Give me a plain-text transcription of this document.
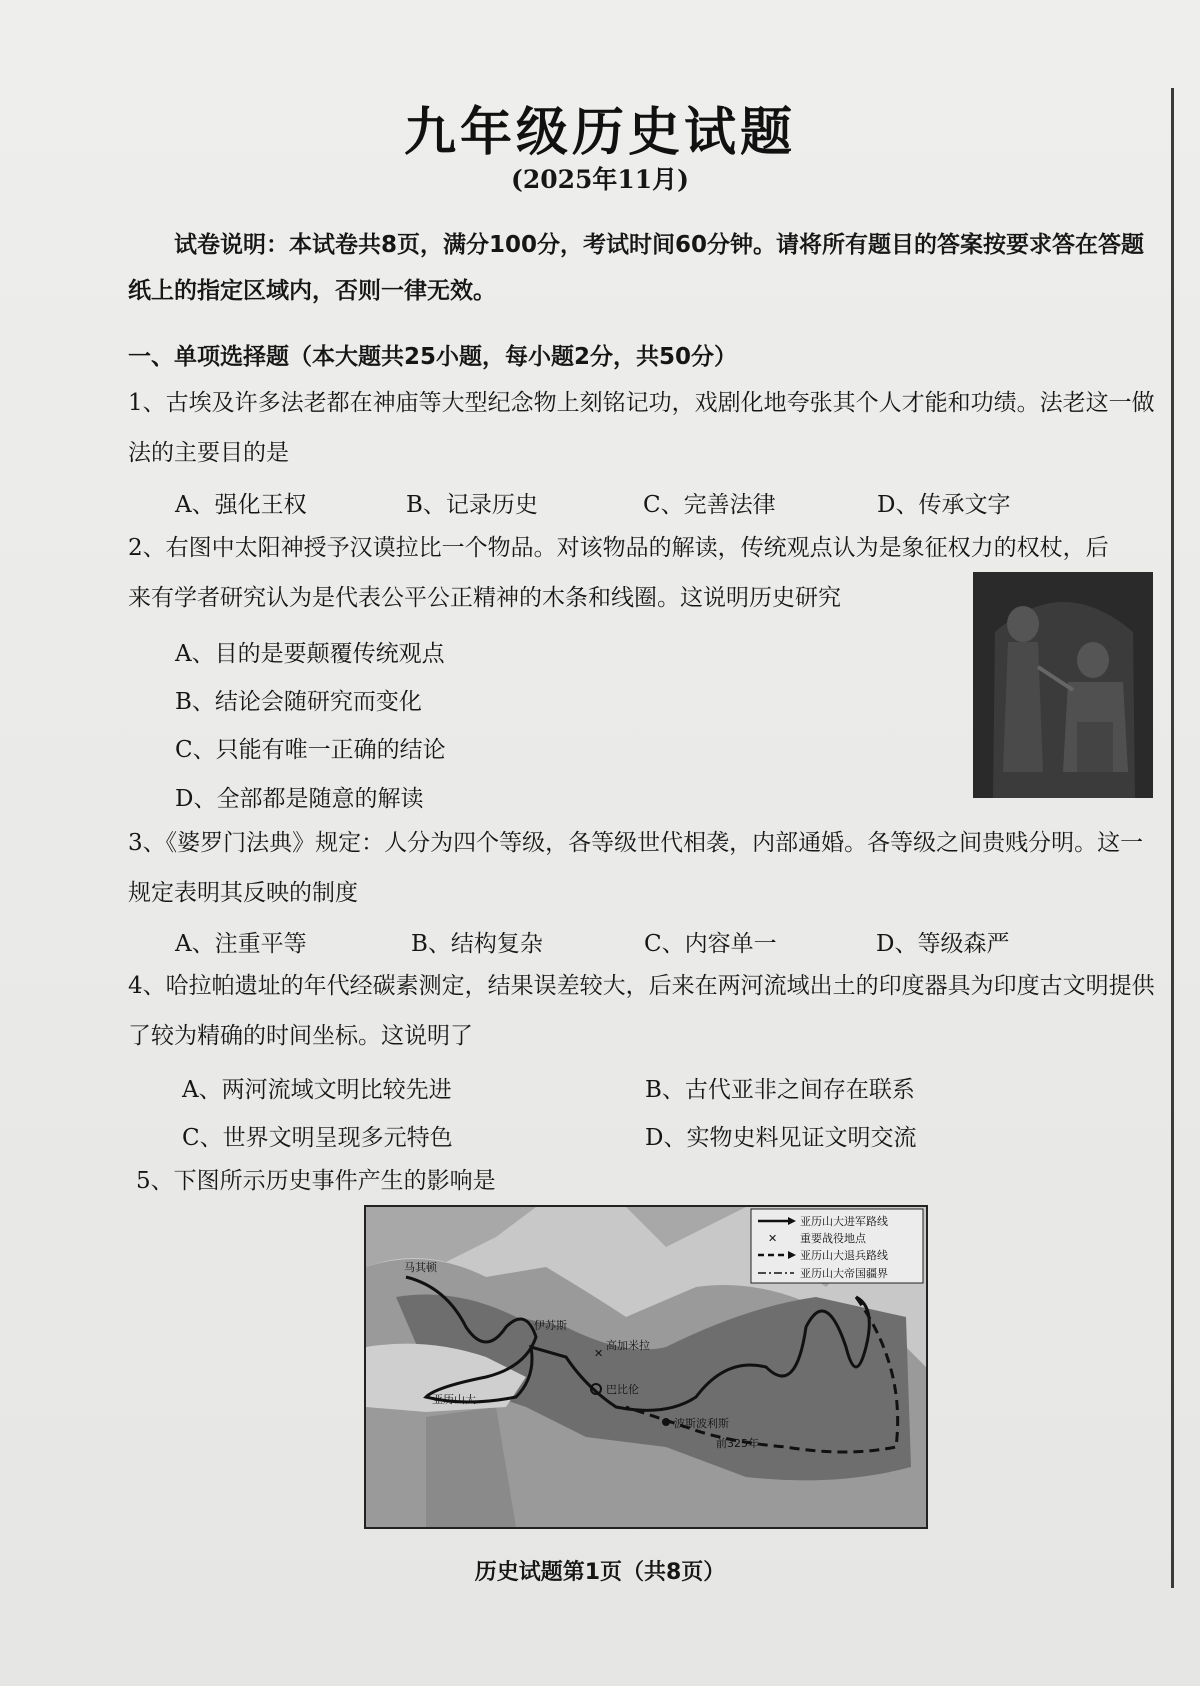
九年级历史试题
(2025年11月)
试卷说明：本试卷共8页，满分100分，考试时间60分钟。请将所有题目的答案按要求答在答题纸上的指定区域内，否则一律无效。
一、单项选择题（本大题共25小题，每小题2分，共50分）
1、古埃及许多法老都在神庙等大型纪念物上刻铭记功，戏剧化地夸张其个人才能和功绩。法老这一做法的主要目的是
A、强化王权	B、记录历史	C、完善法律	D、传承文字
2、右图中太阳神授予汉谟拉比一个物品。对该物品的解读，传统观点认为是象征权力的权杖，后
来有学者研究认为是代表公平公正精神的木条和线圈。这说明历史研究
A、目的是要颠覆传统观点
B、结论会随研究而变化
C、只能有唯一正确的结论
D、全部都是随意的解读
3、《婆罗门法典》规定：人分为四个等级，各等级世代相袭，内部通婚。各等级之间贵贱分明。这一规定表明其反映的制度
A、注重平等	B、结构复杂	C、内容单一	D、等级森严
4、哈拉帕遗址的年代经碳素测定，结果误差较大，后来在两河流域出土的印度器具为印度古文明提供了较为精确的时间坐标。这说明了
A、两河流域文明比较先进	B、古代亚非之间存在联系
C、世界文明呈现多元特色	D、实物史料见证文明交流
5、下图所示历史事件产生的影响是
✕
亚历山大进军路线
✕ 重要战役地点
亚历山大退兵路线
亚历山大帝国疆界
马其顿
伊苏斯
高加米拉
巴比伦
亚历山大
波斯波利斯
前325年
历史试题第1页（共8页）
